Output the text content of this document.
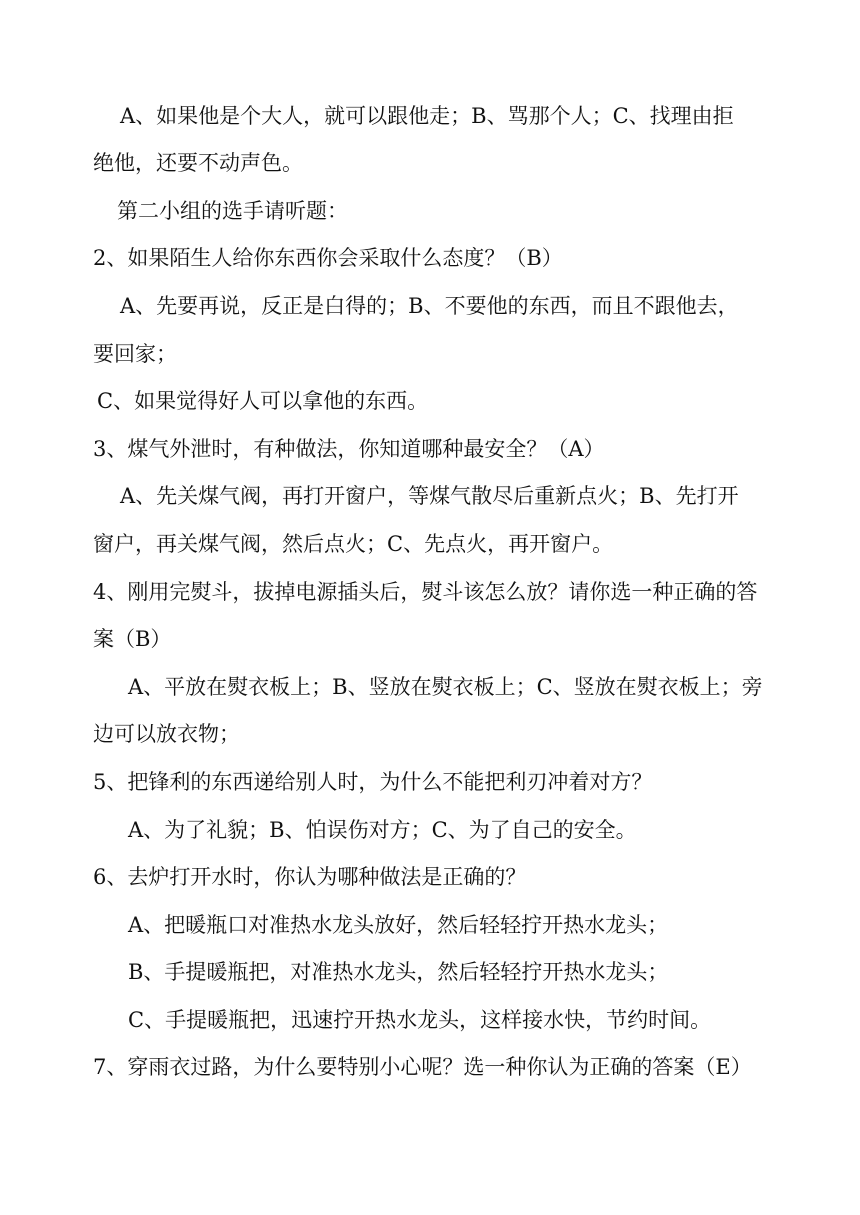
A、如果他是个大人，就可以跟他走；B、骂那个人；C、找理由拒
绝他，还要不动声色。
第二小组的选手请听题：
2、如果陌生人给你东西你会采取什么态度？（B）
A、先要再说，反正是白得的；B、不要他的东西，而且不跟他去，
要回家；
C、如果觉得好人可以拿他的东西。
3、煤气外泄时，有种做法，你知道哪种最安全？（A）
A、先关煤气阀，再打开窗户，等煤气散尽后重新点火；B、先打开
窗户，再关煤气阀，然后点火；C、先点火，再开窗户。
4、刚用完熨斗，拔掉电源插头后，熨斗该怎么放？请你选一种正确的答
案（B）
A、平放在熨衣板上；B、竖放在熨衣板上；C、竖放在熨衣板上；旁
边可以放衣物；
5、把锋利的东西递给别人时，为什么不能把利刃冲着对方？
A、为了礼貌；B、怕误伤对方；C、为了自己的安全。
6、去炉打开水时，你认为哪种做法是正确的？
A、把暖瓶口对准热水龙头放好，然后轻轻拧开热水龙头；
B、手提暖瓶把，对准热水龙头，然后轻轻拧开热水龙头；
C、手提暖瓶把，迅速拧开热水龙头，这样接水快，节约时间。
7、穿雨衣过路，为什么要特别小心呢？选一种你认为正确的答案（E）
